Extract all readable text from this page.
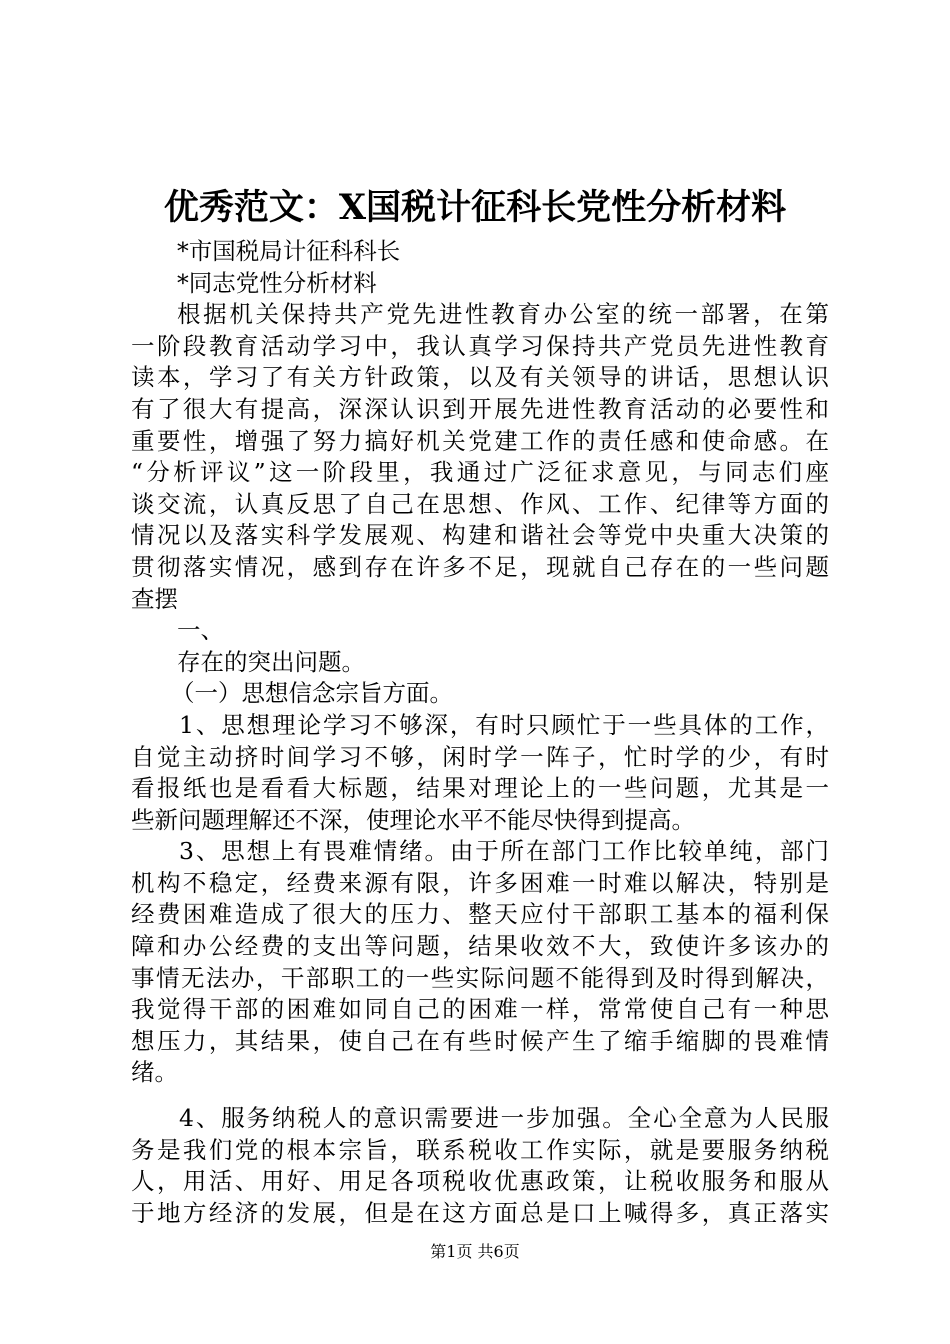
优秀范文：X国税计征科长党性分析材料
*市国税局计征科科长
*同志党性分析材料
根据机关保持共产党先进性教育办公室的统一部署，在第
一阶段教育活动学习中，我认真学习保持共产党员先进性教育
读本，学习了有关方针政策，以及有关领导的讲话，思想认识
有了很大有提高，深深认识到开展先进性教育活动的必要性和
重要性，增强了努力搞好机关党建工作的责任感和使命感。在
“分析评议”这一阶段里，我通过广泛征求意见，与同志们座
谈交流，认真反思了自己在思想、作风、工作、纪律等方面的
情况以及落实科学发展观、构建和谐社会等党中央重大决策的
贯彻落实情况，感到存在许多不足，现就自己存在的一些问题
查摆
一、
存在的突出问题。
（一）思想信念宗旨方面。
1、思想理论学习不够深，有时只顾忙于一些具体的工作，
自觉主动挤时间学习不够，闲时学一阵子，忙时学的少，有时
看报纸也是看看大标题，结果对理论上的一些问题，尤其是一
些新问题理解还不深，使理论水平不能尽快得到提高。
3、思想上有畏难情绪。由于所在部门工作比较单纯，部门
机构不稳定，经费来源有限，许多困难一时难以解决，特别是
经费困难造成了很大的压力、整天应付干部职工基本的福利保
障和办公经费的支出等问题，结果收效不大，致使许多该办的
事情无法办，干部职工的一些实际问题不能得到及时得到解决，
我觉得干部的困难如同自己的困难一样，常常使自己有一种思
想压力，其结果，使自己在有些时候产生了缩手缩脚的畏难情
绪。
4、服务纳税人的意识需要进一步加强。全心全意为人民服
务是我们党的根本宗旨，联系税收工作实际，就是要服务纳税
人，用活、用好、用足各项税收优惠政策，让税收服务和服从
于地方经济的发展，但是在这方面总是口上喊得多，真正落实
第1页 共6页
